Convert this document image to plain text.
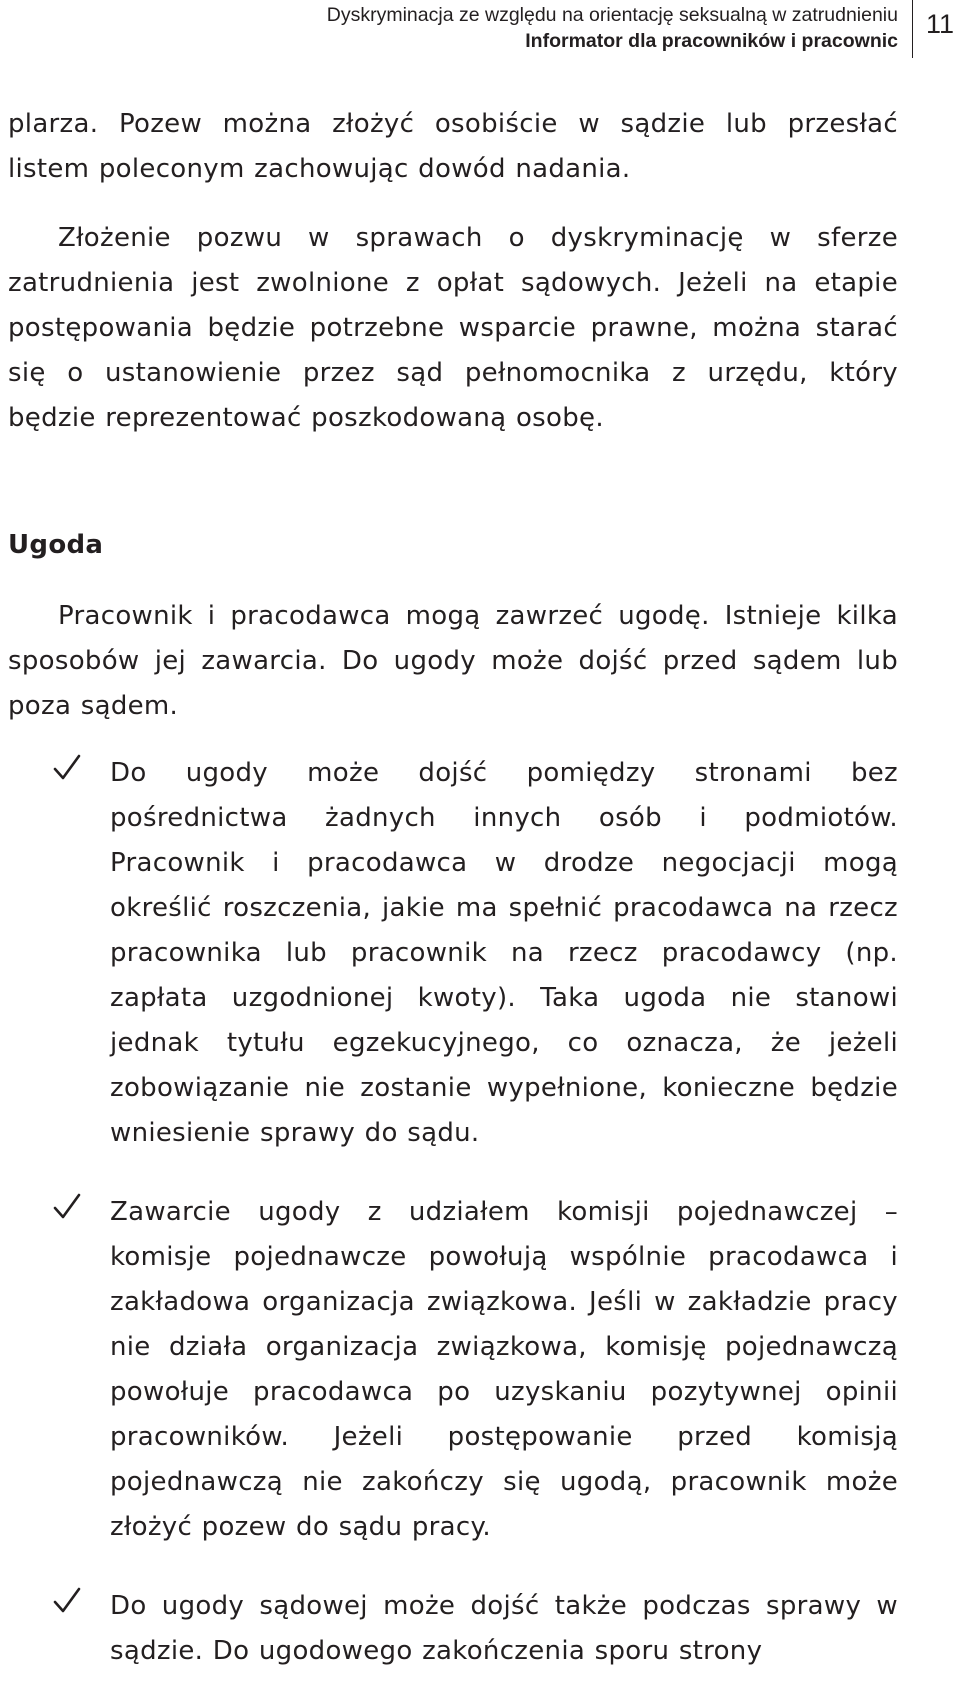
Dyskryminacja ze względu na orientację seksualną w zatrudnieniu
Informator dla pracowników i pracownic
11

plarza. Pozew można złożyć osobiście w sądzie lub przesłać listem poleconym zachowując dowód nadania.

Złożenie pozwu w sprawach o dyskryminację w sferze zatrudnienia jest zwolnione z opłat sądowych. Jeżeli na etapie postępowania będzie potrzebne wsparcie prawne, można starać się o ustanowienie przez sąd pełnomocnika z urzędu, który będzie reprezentować poszkodowaną osobę.

Ugoda

Pracownik i pracodawca mogą zawrzeć ugodę. Istnieje kilka sposobów jej zawarcia. Do ugody może dojść przed sądem lub poza sądem.

Do ugody może dojść pomiędzy stronami bez pośrednictwa żadnych innych osób i podmiotów. Pracownik i pracodawca w drodze negocjacji mogą określić roszczenia, jakie ma spełnić pracodawca na rzecz pracownika lub pracownik na rzecz pracodawcy (np. zapłata uzgodnionej kwoty). Taka ugoda nie stanowi jednak tytułu egzekucyjnego, co oznacza, że jeżeli zobowiązanie nie zostanie wypełnione, konieczne będzie wniesienie sprawy do sądu.

Zawarcie ugody z udziałem komisji pojednawczej – komisje pojednawcze powołują wspólnie pracodawca i zakładowa organizacja związkowa. Jeśli w zakładzie pracy nie działa organizacja związkowa, komisję pojednawczą powołuje pracodawca po uzyskaniu pozytywnej opinii pracowników. Jeżeli postępowanie przed komisją pojednawczą nie zakończy się ugodą, pracownik może złożyć pozew do sądu pracy.

Do ugody sądowej może dojść także podczas sprawy w sądzie. Do ugodowego zakończenia sporu strony
